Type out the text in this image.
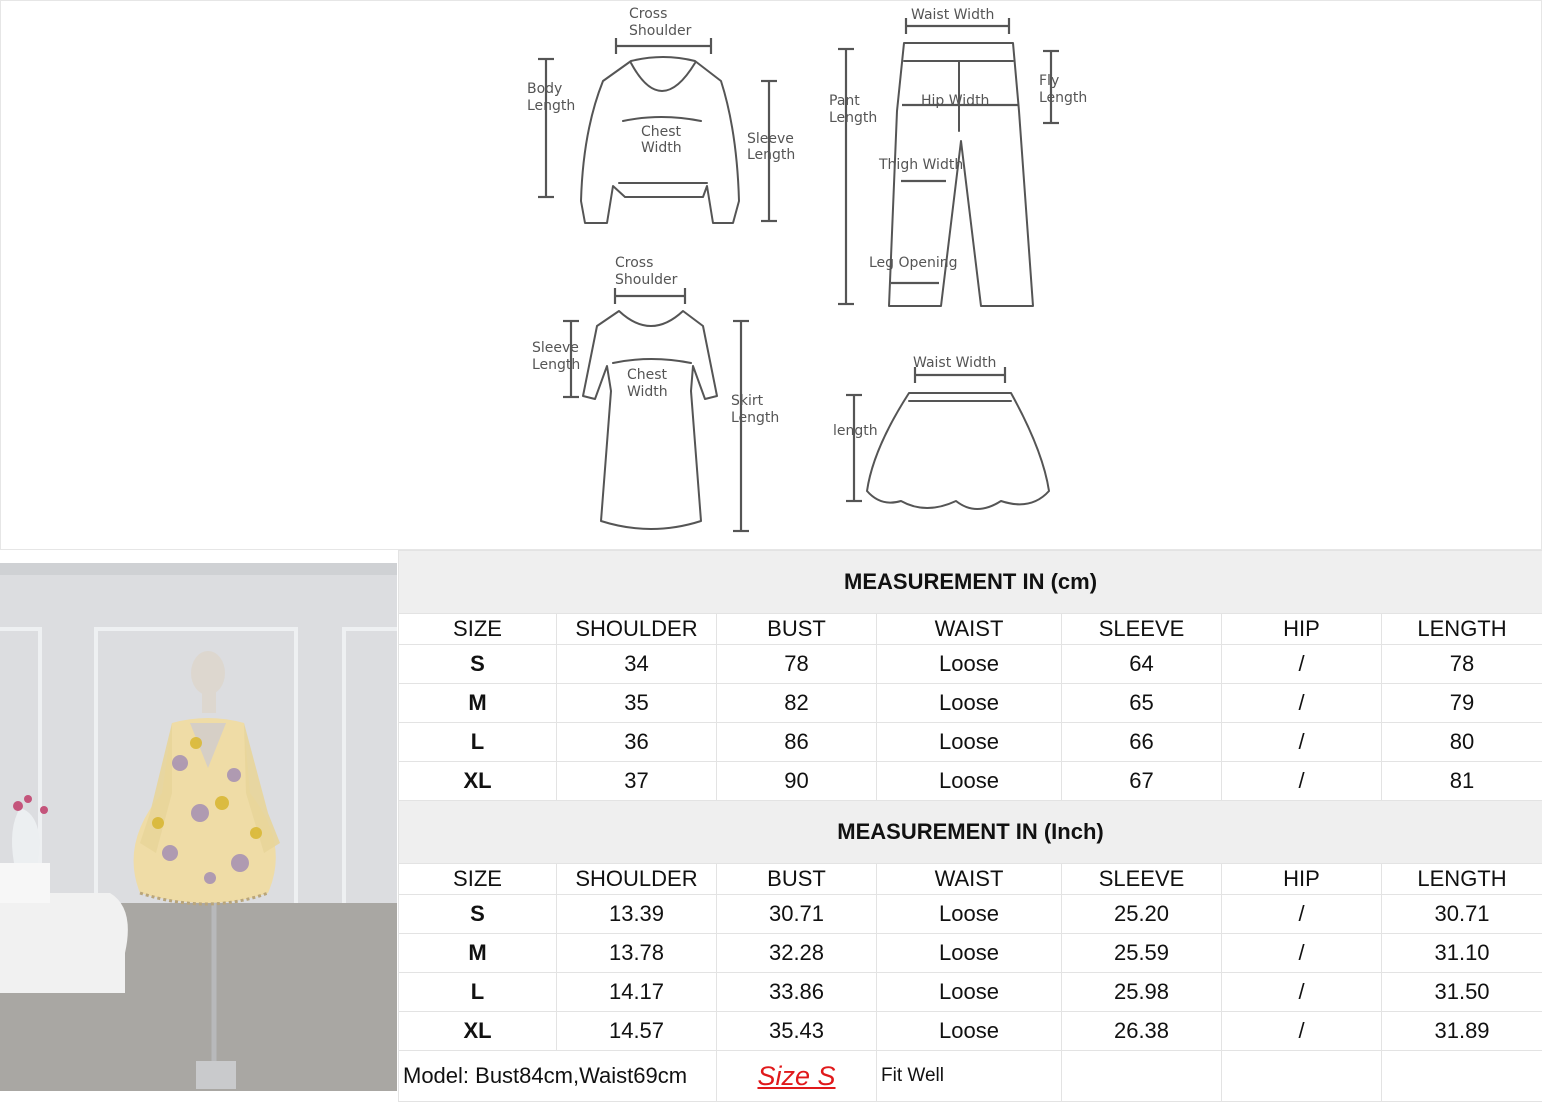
Cross
Shoulder
Body
Length
Chest
Width
Sleeve
Length
Waist Width
Pant
Length
Fly
Length
Hip Width
Thigh Width
Leg Opening
Cross
Shoulder
Sleeve
Length
Chest
Width
Skirt
Length
Waist Width
length
MEASUREMENT IN (cm)						
SIZE	SHOULDER	BUST	WAIST	SLEEVE	HIP	LENGTH
S	34	78	Loose	64	/	78
M	35	82	Loose	65	/	79
L	36	86	Loose	66	/	80
XL	37	90	Loose	67	/	81
MEASUREMENT IN (Inch)						
SIZE	SHOULDER	BUST	WAIST	SLEEVE	HIP	LENGTH
S	13.39	30.71	Loose	25.20	/	30.71
M	13.78	32.28	Loose	25.59	/	31.10
L	14.17	33.86	Loose	25.98	/	31.50
XL	14.57	35.43	Loose	26.38	/	31.89
Model: Bust84cm,Waist69cm		Size S	Fit Well			
